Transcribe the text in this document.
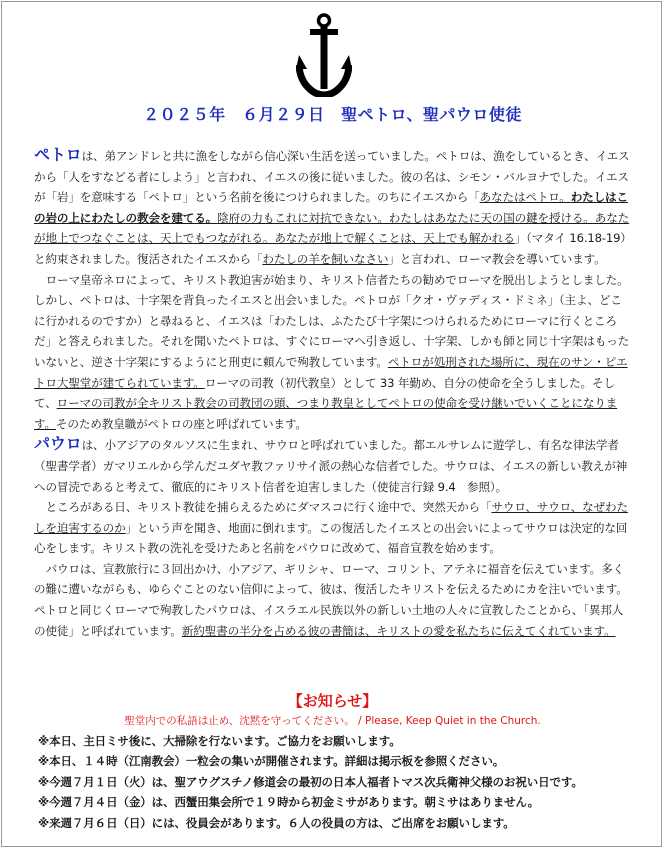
２０２５年　６月２９日　聖ペトロ、聖パウロ使徒

ペトロは、弟アンドレと共に漁をしながら信心深い生活を送っていました。ペトロは、漁をしているとき、イエスから「人をすなどる者にしよう」と言われ、イエスの後に従いました。彼の名は、シモン・バルヨナでした。イエスが「岩」を意味する「ペトロ」という名前を後につけられました。のちにイエスから「あなたはペトロ。わたしはこの岩の上にわたしの教会を建てる。陰府の力もこれに対抗できない。わたしはあなたに天の国の鍵を授ける。あなたが地上でつなぐことは、天上でもつながれる。あなたが地上で解くことは、天上でも解かれる」（マタイ 16.18-19）と約束されました。復活されたイエスから「わたしの羊を飼いなさい」と言われ、ローマ教会を導いています。

ローマ皇帝ネロによって、キリスト教迫害が始まり、キリスト信者たちの勧めでローマを脱出しようとしました。しかし、ペトロは、十字架を背負ったイエスと出会いました。ペトロが「クオ・ヴァディス・ドミネ」（主よ、どこに行かれるのですか）と尋ねると、イエスは「わたしは、ふたたび十字架につけられるためにローマに行くところだ」と答えられました。それを聞いたペトロは、すぐにローマへ引き返し、十字架、しかも師と同じ十字架はもったいないと、逆さ十字架にするようにと刑吏に頼んで殉教しています。ペトロが処刑された場所に、現在のサン・ピエトロ大聖堂が建てられています。ローマの司教（初代教皇）として 33 年勤め、自分の使命を全うしました。そして、ローマの司教が全キリスト教会の司教団の頭、つまり教皇としてペトロの使命を受け継いでいくことになります。そのため教皇職がペトロの座と呼ばれています。

パウロは、小アジアのタルソスに生まれ、サウロと呼ばれていました。都エルサレムに遊学し、有名な律法学者（聖書学者）ガマリエルから学んだユダヤ教ファリサイ派の熱心な信者でした。サウロは、イエスの新しい教えが神への冒涜であると考えて、徹底的にキリスト信者を迫害しました（使徒言行録 9.4　参照）。

ところがある日、キリスト教徒を捕らえるためにダマスコに行く途中で、突然天から「サウロ、サウロ、なぜわたしを迫害するのか」という声を聞き、地面に倒れます。この復活したイエスとの出会いによってサウロは決定的な回心をします。キリスト教の洗礼を受けたあと名前をパウロに改めて、福音宣教を始めます。

パウロは、宣教旅行に３回出かけ、小アジア、ギリシャ、ローマ、コリント、アテネに福音を伝えています。多くの難に遭いながらも、ゆらぐことのない信仰によって、彼は、復活したキリストを伝えるためにカを注いでいます。ペトロと同じくローマで殉教したパウロは、イスラエル民族以外の新しい土地の人々に宣教したことから、「異邦人の使徒」と呼ばれています。新約聖書の半分を占める彼の書簡は、キリストの愛を私たちに伝えてくれています。

【お知らせ】
聖堂内での私語は止め、沈黙を守ってください。 / Please, Keep Quiet in the Church.
※本日、主日ミサ後に、大掃除を行ないます。ご協力をお願いします。
※本日、１４時（江南教会）一粒会の集いが開催されます。詳細は掲示板を参照ください。
※今週７月１日（火）は、聖アウグスチノ修道会の最初の日本人福者トマス次兵衛神父様のお祝い日です。
※今週７月４日（金）は、西蟹田集会所で１９時から初金ミサがあります。朝ミサはありません。
※来週７月６日（日）には、役員会があります。６人の役員の方は、ご出席をお願いします。
